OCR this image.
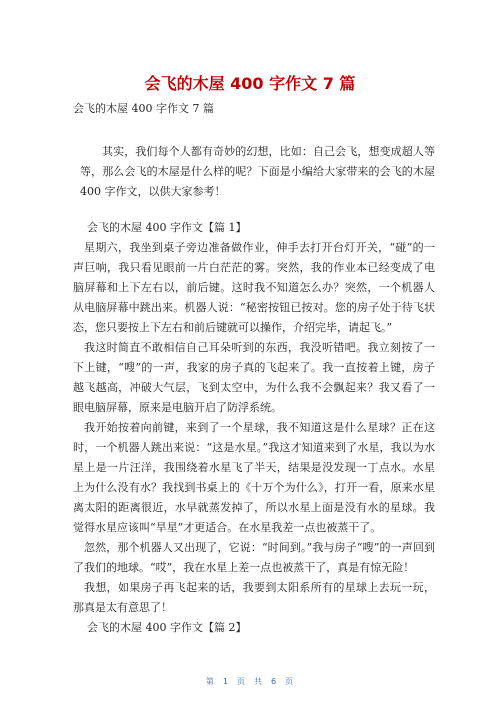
会飞的木屋 400 字作文 7 篇

会飞的木屋 400 字作文 7 篇

其实，我们每个人都有奇妙的幻想，比如：自己会飞，想变成超人等等，那么会飞的木屋是什么样的呢？下面是小编给大家带来的会飞的木屋 400 字作文，以供大家参考！

会飞的木屋 400 字作文【篇 1】

星期六，我坐到桌子旁边准备做作业，伸手去打开台灯开关，“碰”的一声巨响，我只看见眼前一片白茫茫的雾。突然，我的作业本已经变成了电脑屏幕和上下左右以，前后键。这时我不知道怎么办？突然，一个机器人从电脑屏幕中跳出来。机器人说：“秘密按钮已按对。您的房子处于待飞状态，您只要按上下左右和前后键就可以操作，介绍完毕，请起飞。”

我这时简直不敢相信自己耳朵听到的东西，我没听错吧。我立刻按了一下上键，“嗖”的一声，我家的房子真的飞起来了。我一直按着上键，房子越飞越高，冲破大气层，飞到太空中，为什么我不会飘起来？我又看了一眼电脑屏幕，原来是电脑开启了防浮系统。

我开始按着向前键，来到了一个星球，我不知道这是什么星球？正在这时，一个机器人跳出来说：“这是水星。”我这才知道来到了水星，我以为水星上是一片汪洋，我围绕着水星飞了半天，结果是没发现一丁点水。水星上为什么没有水？我找到书桌上的《十万个为什么》，打开一看，原来水星离太阳的距离很近，水早就蒸发掉了，所以水星上面是没有水的星球。我觉得水星应该叫“旱星”才更适合。在水星我差一点也被蒸干了。

忽然，那个机器人又出现了，它说：“时间到。”我与房子“嗖”的一声回到了我们的地球。“哎”，我在水星上差一点也被蒸干了，真是有惊无险！

我想，如果房子再飞起来的话，我要到太阳系所有的星球上去玩一玩，那真是太有意思了！

会飞的木屋 400 字作文【篇 2】

第 1 页 共 6 页
